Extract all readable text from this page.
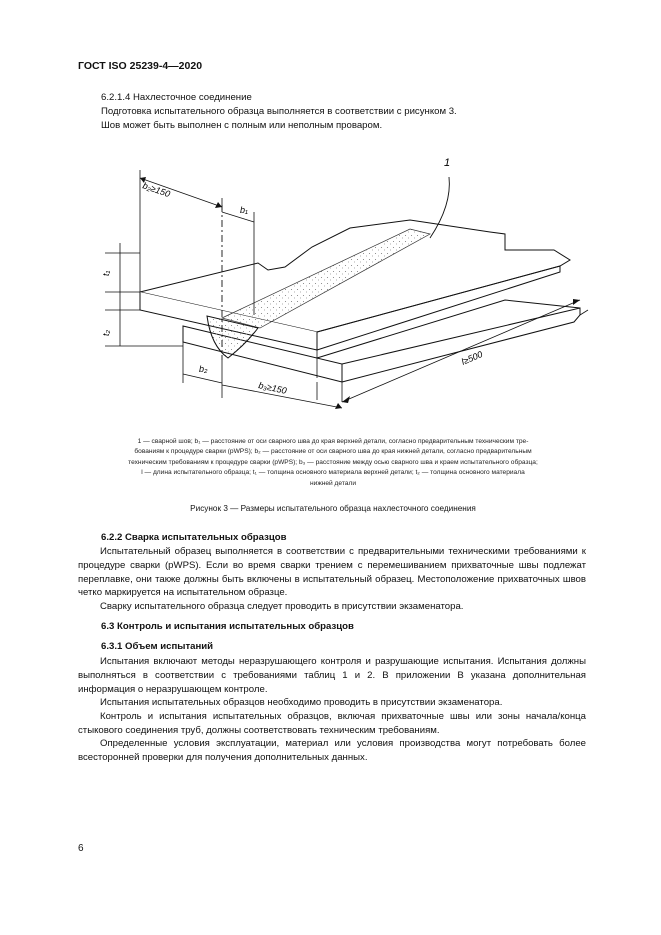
ГОСТ ISO 25239-4—2020
6.2.1.4 Нахлесточное соединение
Подготовка испытательного образца выполняется в соответствии с рисунком 3.
Шов может быть выполнен с полным или неполным проваром.
1
b₂≥150
b₁
t₁
t₂
l≥500
b₂
b₃≥150
1 — сварной шов; b₁ — расстояние от оси сварного шва до края верхней детали, согласно предварительным техническим тре-
бованиям к процедуре сварки (pWPS); b₂ — расстояние от оси сварного шва до края нижней детали, согласно предварительным
техническим требованиям к процедуре сварки (pWPS); b₃ — расстояние между осью сварного шва и краем испытательного образца;
l — длина испытательного образца; t₁ — толщина основного материала верхней детали; t₂ — толщина основного материала
нижней детали
Рисунок 3 — Размеры испытательного образца нахлесточного соединения
6.2.2 Сварка испытательных образцов
Испытательный образец выполняется в соответствии с предварительными техническими требованиями к процедуре сварки (pWPS). Если во время сварки трением с перемешиванием прихваточные швы подлежат переплавке, они также должны быть включены в испытательный образец. Местоположение прихваточных швов четко маркируется на испытательном образце.
Сварку испытательного образца следует проводить в присутствии экзаменатора.
6.3 Контроль и испытания испытательных образцов
6.3.1 Объем испытаний
Испытания включают методы неразрушающего контроля и разрушающие испытания. Испытания должны выполняться в соответствии с требованиями таблиц 1 и 2. В приложении В указана дополнительная информация о неразрушающем контроле.
Испытания испытательных образцов необходимо проводить в присутствии экзаменатора.
Контроль и испытания испытательных образцов, включая прихваточные швы или зоны начала/конца стыкового соединения труб, должны соответствовать техническим требованиям.
Определенные условия эксплуатации, материал или условия производства могут потребовать более всесторонней проверки для получения дополнительных данных.
6
